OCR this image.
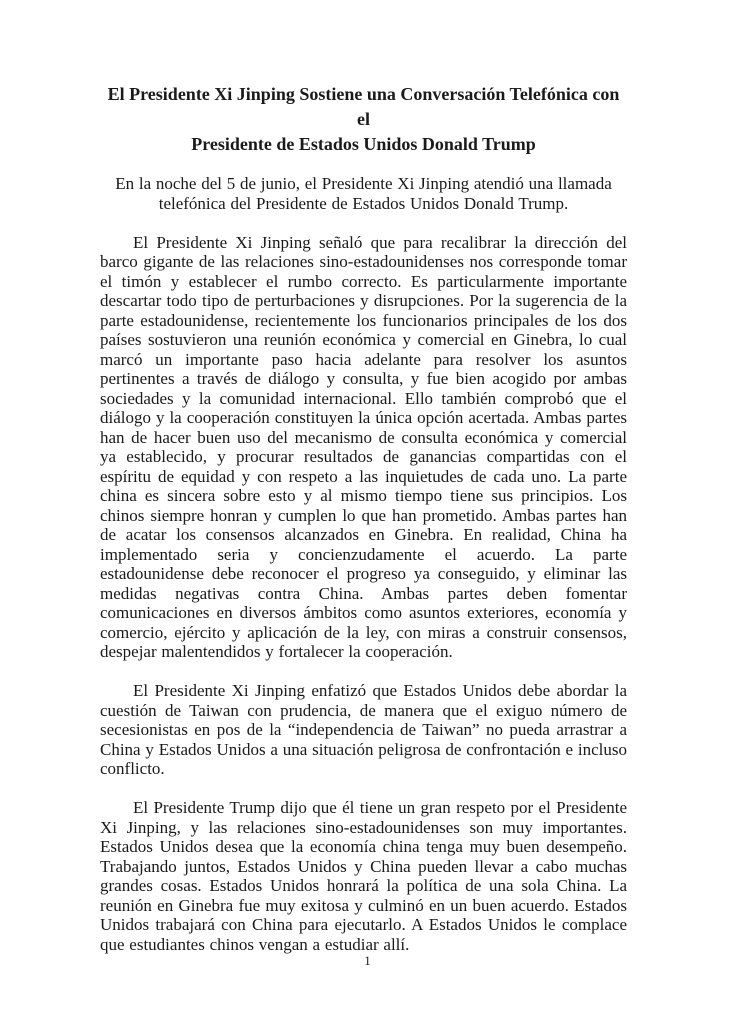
El Presidente Xi Jinping Sostiene una Conversación Telefónica con el
Presidente de Estados Unidos Donald Trump

En la noche del 5 de junio, el Presidente Xi Jinping atendió una llamada telefónica del Presidente de Estados Unidos Donald Trump.

El Presidente Xi Jinping señaló que para recalibrar la dirección del barco gigante de las relaciones sino-estadounidenses nos corresponde tomar el timón y establecer el rumbo correcto. Es particularmente importante descartar todo tipo de perturbaciones y disrupciones. Por la sugerencia de la parte estadounidense, recientemente los funcionarios principales de los dos países sostuvieron una reunión económica y comercial en Ginebra, lo cual marcó un importante paso hacia adelante para resolver los asuntos pertinentes a través de diálogo y consulta, y fue bien acogido por ambas sociedades y la comunidad internacional. Ello también comprobó que el diálogo y la cooperación constituyen la única opción acertada. Ambas partes han de hacer buen uso del mecanismo de consulta económica y comercial ya establecido, y procurar resultados de ganancias compartidas con el espíritu de equidad y con respeto a las inquietudes de cada uno. La parte china es sincera sobre esto y al mismo tiempo tiene sus principios. Los chinos siempre honran y cumplen lo que han prometido. Ambas partes han de acatar los consensos alcanzados en Ginebra. En realidad, China ha implementado seria y concienzudamente el acuerdo. La parte estadounidense debe reconocer el progreso ya conseguido, y eliminar las medidas negativas contra China. Ambas partes deben fomentar comunicaciones en diversos ámbitos como asuntos exteriores, economía y comercio, ejército y aplicación de la ley, con miras a construir consensos, despejar malentendidos y fortalecer la cooperación.

El Presidente Xi Jinping enfatizó que Estados Unidos debe abordar la cuestión de Taiwan con prudencia, de manera que el exiguo número de secesionistas en pos de la “independencia de Taiwan” no pueda arrastrar a China y Estados Unidos a una situación peligrosa de confrontación e incluso conflicto.

El Presidente Trump dijo que él tiene un gran respeto por el Presidente Xi Jinping, y las relaciones sino-estadounidenses son muy importantes. Estados Unidos desea que la economía china tenga muy buen desempeño. Trabajando juntos, Estados Unidos y China pueden llevar a cabo muchas grandes cosas. Estados Unidos honrará la política de una sola China. La reunión en Ginebra fue muy exitosa y culminó en un buen acuerdo. Estados Unidos trabajará con China para ejecutarlo. A Estados Unidos le complace que estudiantes chinos vengan a estudiar allí.

1
